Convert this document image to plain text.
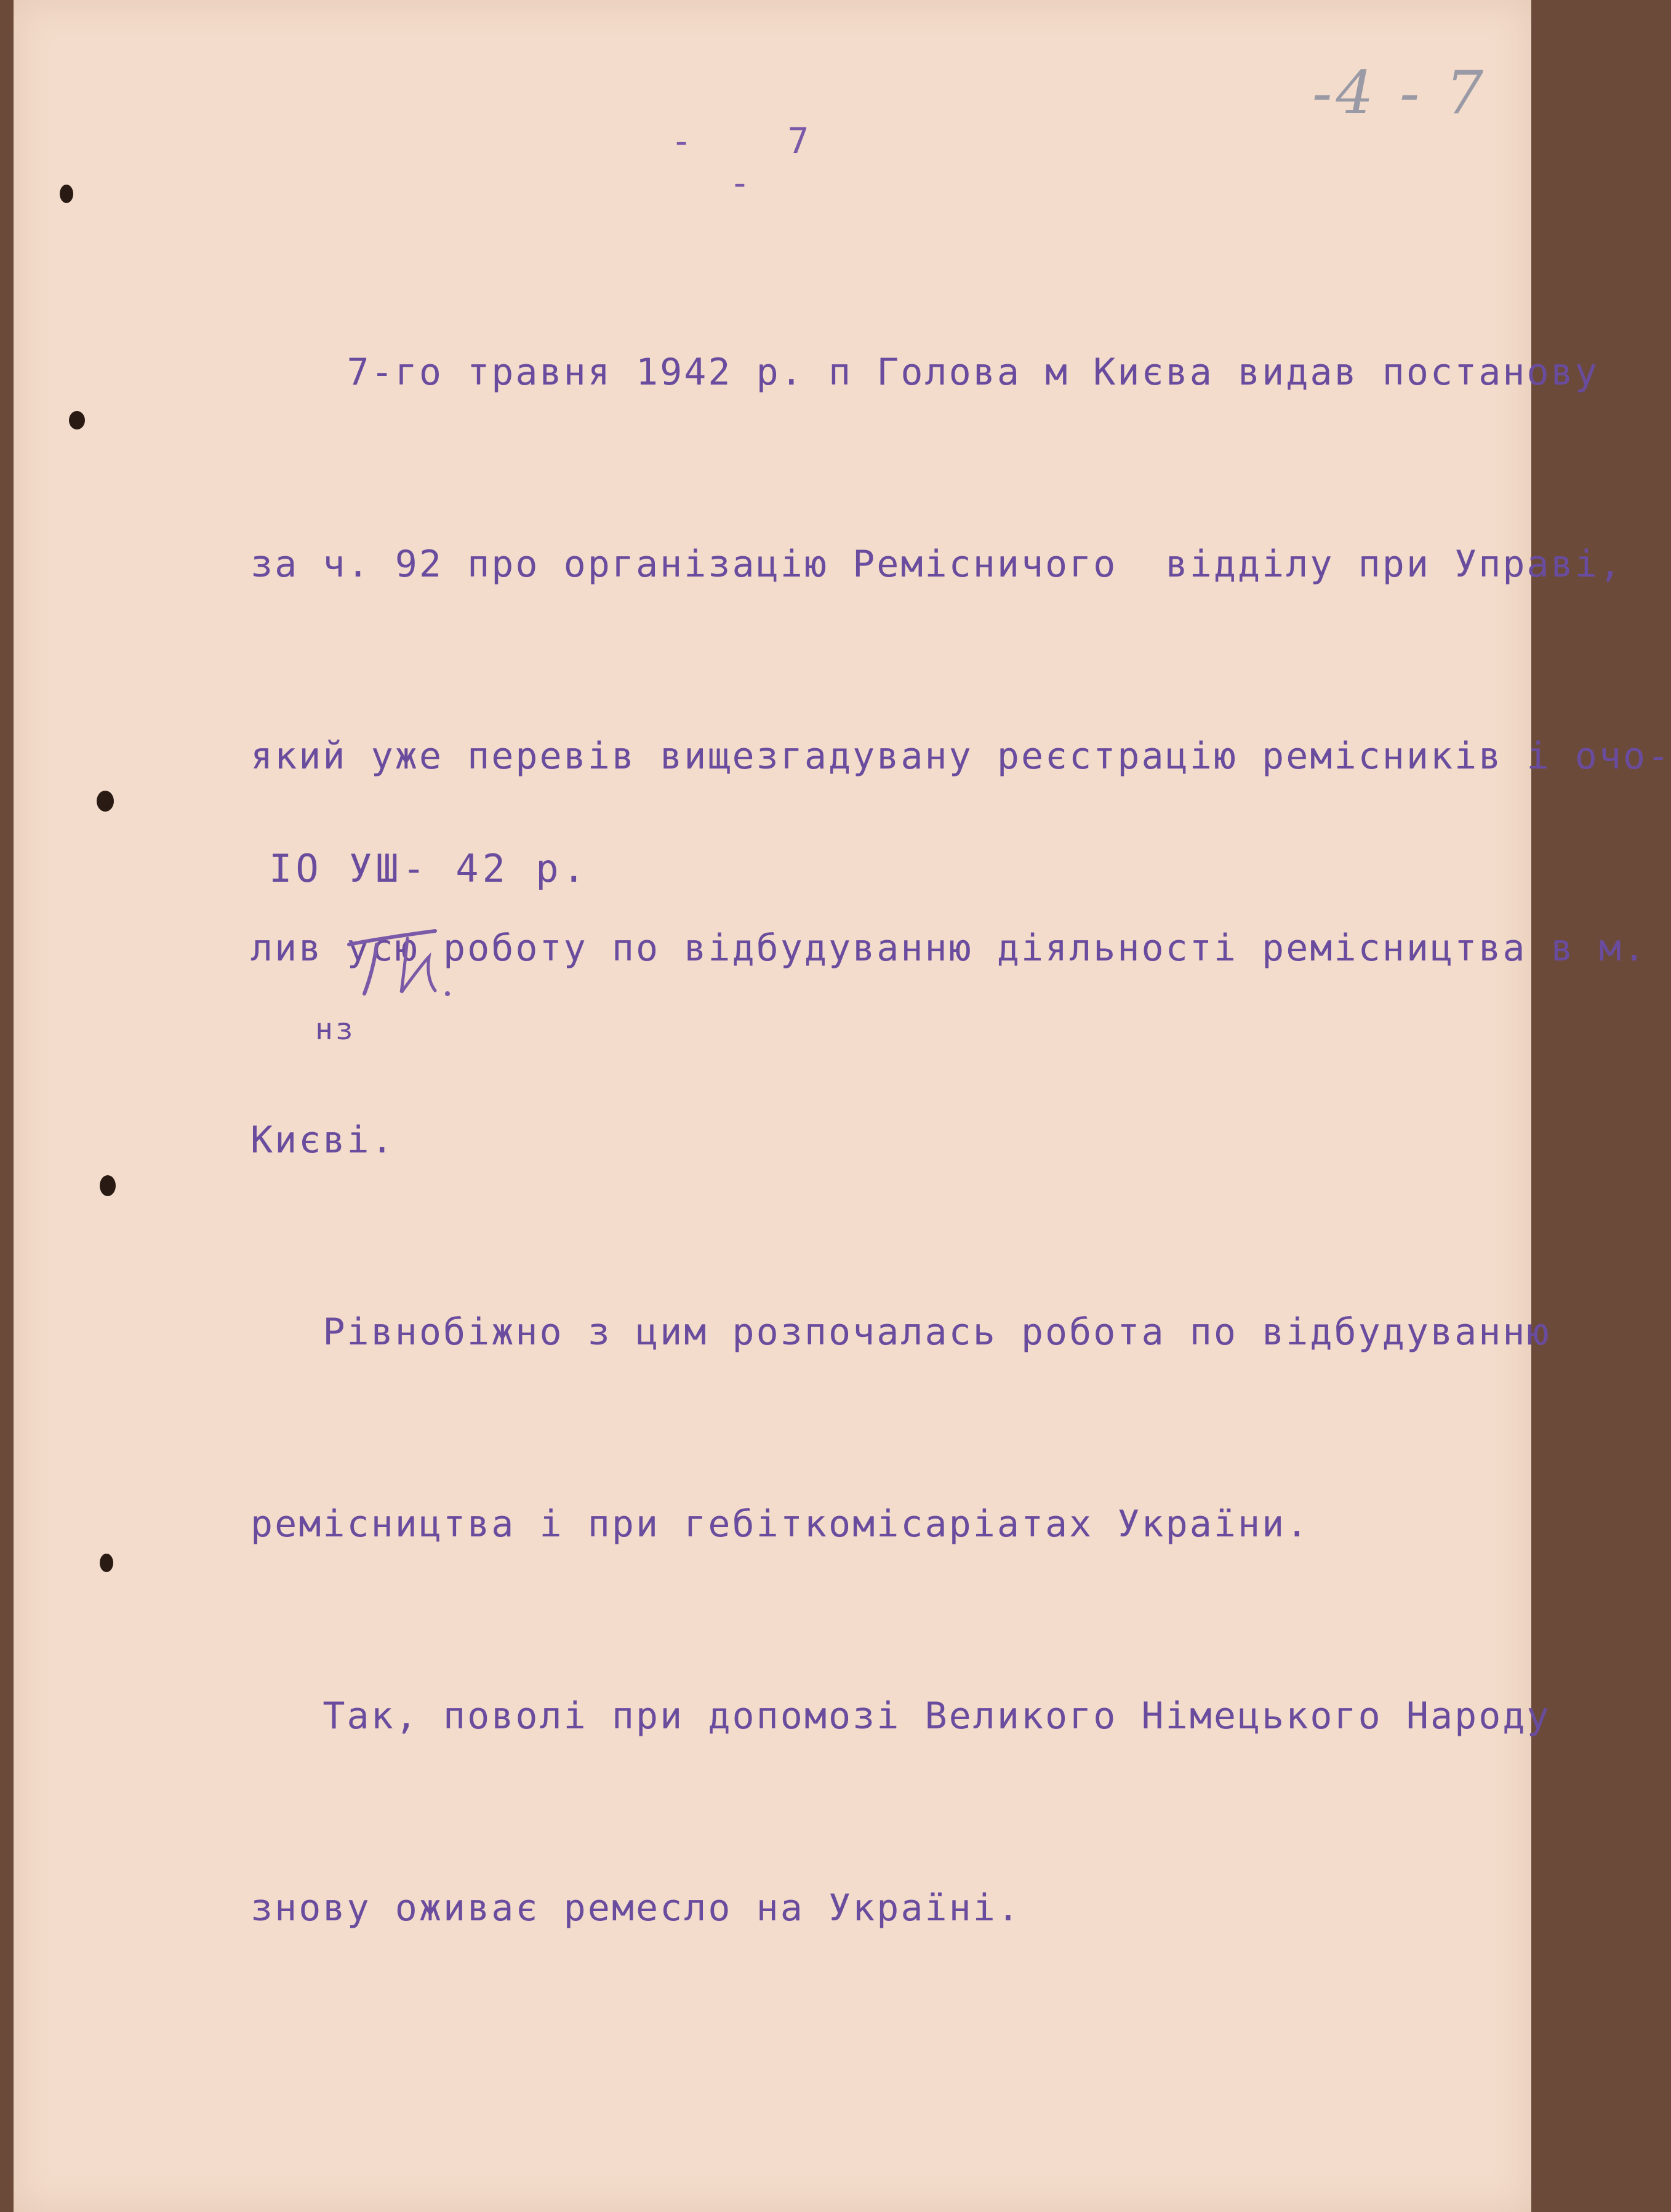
-4 - 7
- 7 -

7-го травня 1942 р. п Голова м Києва видав постанову

за ч. 92 про організацію Ремісничого  відділу при Управі,

який уже перевів вищезгадувану реєстрацію ремісників і очо-

лив усю роботу по відбудуванню діяльності ремісництва в м.

Києві.

Рівнобіжно з цим розпочалась робота по відбудуванню

ремісництва і при гебіткомісаріатах України.

Так, поволі при допомозі Великого Німецького Народу

знову оживає ремесло на Україні.

IO УШ- 42 р.
нз
